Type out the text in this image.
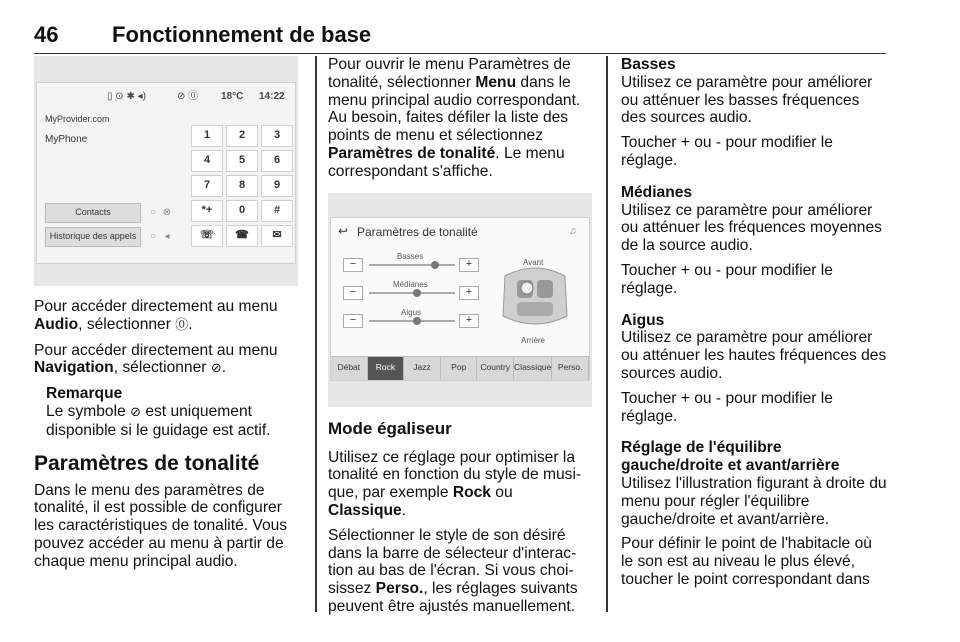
46 Fonctionnement de base
▯ ⊙ ✱ ◂)	⊘ ⓪ 18°C 14:22
MyProvider.com
MyPhone	1	2	3
4	5	6
7	8	9
*+	0	#
☏	☎	✉
Contacts
Historique des appels
○ ⊗
○ ◂

Pour accéder directement au menu Audio, sélectionner ⓪.

Pour accéder directement au menu Navigation, sélectionner ⊘.

Remarque
Le symbole ⊘ est uniquement disponible si le guidage est actif.
Paramètres de tonalité

Dans le menu des paramètres de tonalité, il est possible de configurer les caractéristiques de tonalité. Vous pouvez accéder au menu à partir de chaque menu principal audio.

Pour ouvrir le menu Paramètres de tonalité, sélectionner Menu dans le menu principal audio correspondant. Au besoin, faites défiler la liste des points de menu et sélectionnez Paramètres de tonalité. Le menu correspondant s'affiche.

↩ Paramètres de tonalité	♫
Basses
−	+
Médianes
−	+
Aigus
−	+
Avant
Arrière
Débat	Rock	Jazz	Pop	Country Classique Perso.
Mode égaliseur

Utilisez ce réglage pour optimiser la tonalité en fonction du style de musi-que, par exemple Rock ou Classique.

Sélectionner le style de son désiré dans la barre de sélecteur d'interac-tion au bas de l'écran. Si vous choi-sissez Perso., les réglages suivants peuvent être ajustés manuellement.

Basses

Utilisez ce paramètre pour améliorer ou atténuer les basses fréquences des sources audio.

Toucher + ou - pour modifier le réglage.

Médianes

Utilisez ce paramètre pour améliorer ou atténuer les fréquences moyennes de la source audio.

Toucher + ou - pour modifier le réglage.

Aigus

Utilisez ce paramètre pour améliorer ou atténuer les hautes fréquences des sources audio.

Toucher + ou - pour modifier le réglage.

Réglage de l'équilibre gauche/droite et avant/arrière

Utilisez l'illustration figurant à droite du menu pour régler l'équilibre gauche/droite et avant/arrière.

Pour définir le point de l'habitacle où le son est au niveau le plus élevé, toucher le point correspondant dans
